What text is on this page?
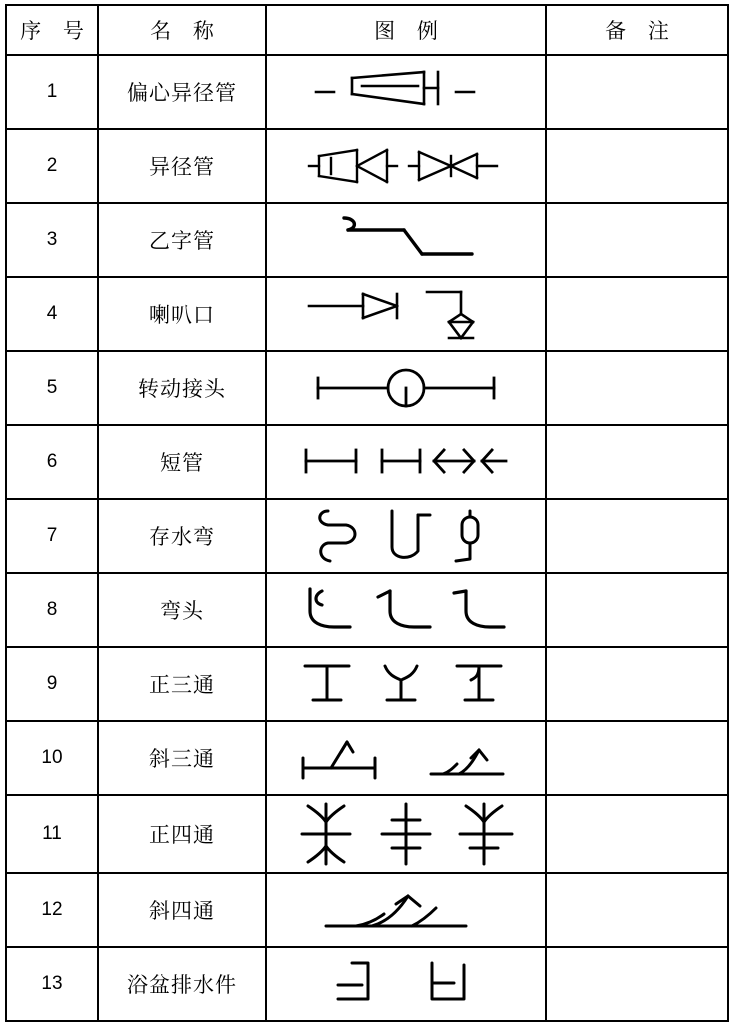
序 号	名 称	图 例	备 注
1	偏心异径管	

2	异径管	

3	乙字管	

4	喇叭口	

5	转动接头	

6	短管	

7	存水弯	

8	弯头	

9	正三通	

10	斜三通	

11	正四通	

12	斜四通	

13	浴盆排水件	
